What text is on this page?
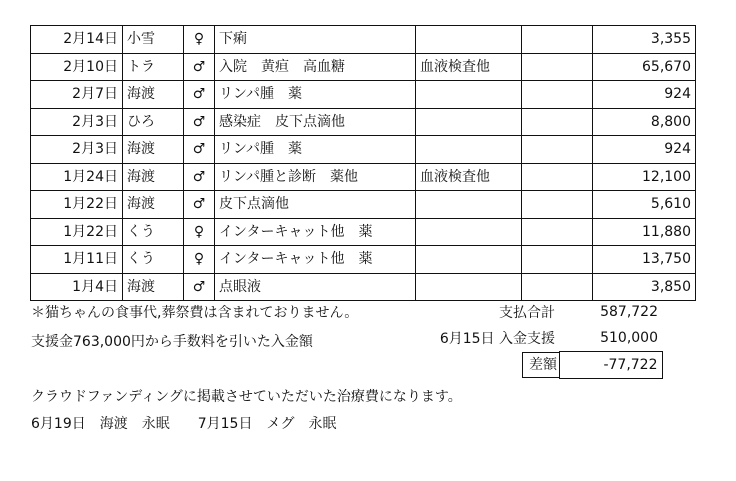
2月14日	小雪	♀	下痢			3,355
2月10日	トラ	♂	入院　黄疸　高血糖	血液検査他		65,670
2月7日	海渡	♂	リンパ腫　薬			924
2月3日	ひろ	♂	感染症　皮下点滴他			8,800
2月3日	海渡	♂	リンパ腫　薬			924
1月24日	海渡	♂	リンパ腫と診断　薬他	血液検査他		12,100
1月22日	海渡	♂	皮下点滴他			5,610
1月22日	くう	♀	インターキャット他　薬			11,880
1月11日	くう	♀	インターキャット他　薬			13,750
1月4日	海渡	♂	点眼液			3,850
＊猫ちゃんの食事代,葬祭費は含まれておりません。
支援金763,000円から手数料を引いた入金額
支払合計	587,722
6月15日 入金支援	510,000

差額	-77,722
クラウドファンディングに掲載させていただいた治療費になります。
6月19日　海渡　永眠　　7月15日　メグ　永眠
